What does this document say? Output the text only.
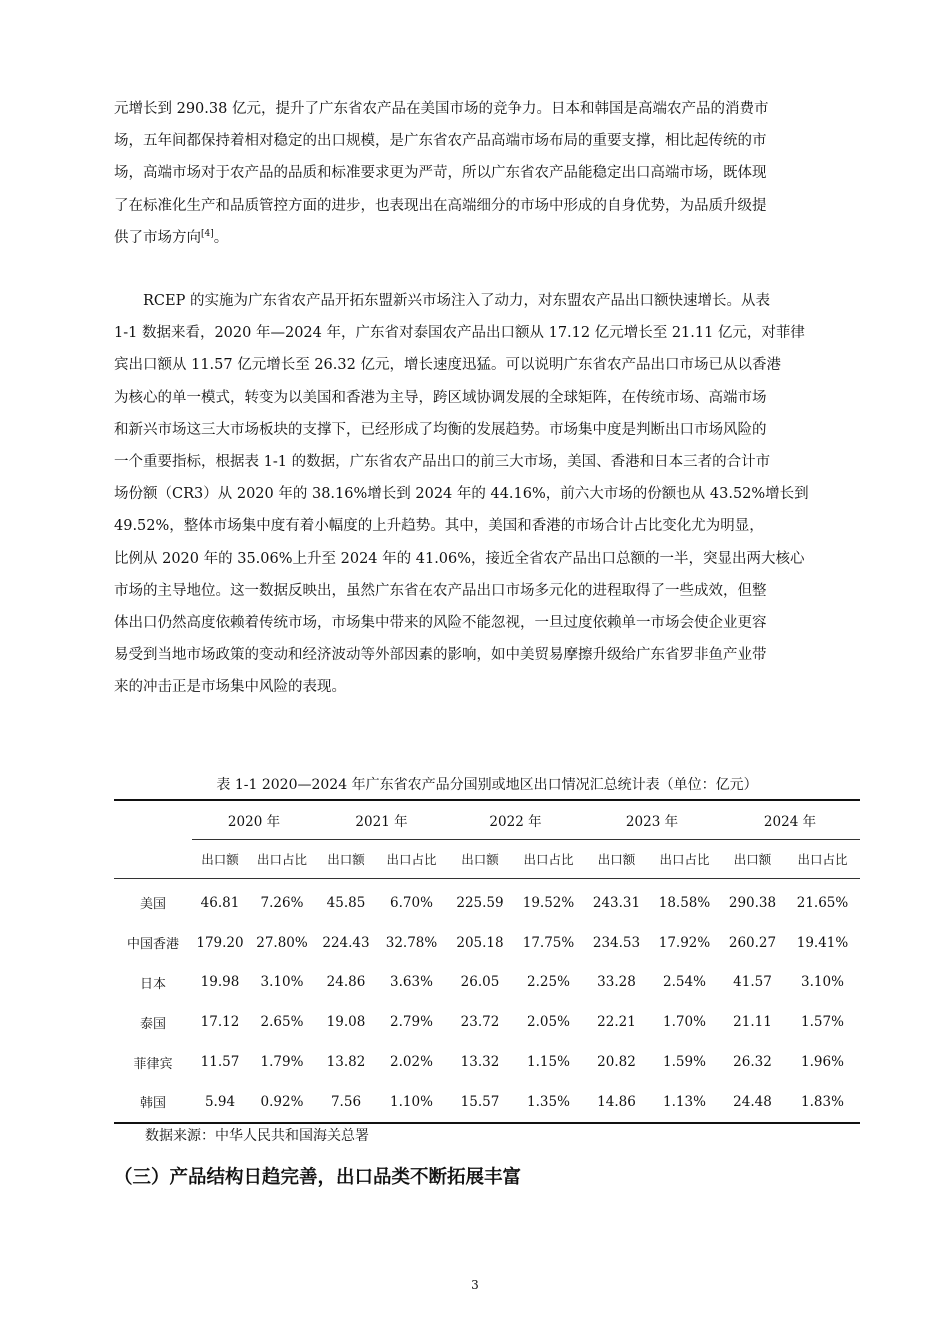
元增长到 290.38 亿元，提升了广东省农产品在美国市场的竞争力。日本和韩国是高端农产品的消费市
场，五年间都保持着相对稳定的出口规模，是广东省农产品高端市场布局的重要支撑，相比起传统的市
场，高端市场对于农产品的品质和标准要求更为严苛，所以广东省农产品能稳定出口高端市场，既体现
了在标准化生产和品质管控方面的进步，也表现出在高端细分的市场中形成的自身优势，为品质升级提
供了市场方向[4]。
RCEP 的实施为广东省农产品开拓东盟新兴市场注入了动力，对东盟农产品出口额快速增长。从表
1-1 数据来看，2020 年—2024 年，广东省对泰国农产品出口额从 17.12 亿元增长至 21.11 亿元，对菲律
宾出口额从 11.57 亿元增长至 26.32 亿元，增长速度迅猛。可以说明广东省农产品出口市场已从以香港
为核心的单一模式，转变为以美国和香港为主导，跨区域协调发展的全球矩阵，在传统市场、高端市场
和新兴市场这三大市场板块的支撑下，已经形成了均衡的发展趋势。市场集中度是判断出口市场风险的
一个重要指标，根据表 1-1 的数据，广东省农产品出口的前三大市场，美国、香港和日本三者的合计市
场份额（CR3）从 2020 年的 38.16%增长到 2024 年的 44.16%，前六大市场的份额也从 43.52%增长到
49.52%，整体市场集中度有着小幅度的上升趋势。其中，美国和香港的市场合计占比变化尤为明显，
比例从 2020 年的 35.06%上升至 2024 年的 41.06%，接近全省农产品出口总额的一半，突显出两大核心
市场的主导地位。这一数据反映出，虽然广东省在农产品出口市场多元化的进程取得了一些成效，但整
体出口仍然高度依赖着传统市场，市场集中带来的风险不能忽视，一旦过度依赖单一市场会使企业更容
易受到当地市场政策的变动和经济波动等外部因素的影响，如中美贸易摩擦升级给广东省罗非鱼产业带
来的冲击正是市场集中风险的表现。
表 1-1 2020—2024 年广东省农产品分国别或地区出口情况汇总统计表（单位：亿元）
	2020 年		2021 年		2022 年		2023 年		2024 年	
	出口额	出口占比	出口额	出口占比	出口额	出口占比	出口额	出口占比	出口额	出口占比
美国	46.81	7.26%	45.85	6.70%	225.59	19.52%	243.31	18.58%	290.38	21.65%
中国香港	179.20	27.80%	224.43	32.78%	205.18	17.75%	234.53	17.92%	260.27	19.41%
日本	19.98	3.10%	24.86	3.63%	26.05	2.25%	33.28	2.54%	41.57	3.10%
泰国	17.12	2.65%	19.08	2.79%	23.72	2.05%	22.21	1.70%	21.11	1.57%
菲律宾	11.57	1.79%	13.82	2.02%	13.32	1.15%	20.82	1.59%	26.32	1.96%
韩国	5.94	0.92%	7.56	1.10%	15.57	1.35%	14.86	1.13%	24.48	1.83%
数据来源：中华人民共和国海关总署
（三）产品结构日趋完善，出口品类不断拓展丰富
3
